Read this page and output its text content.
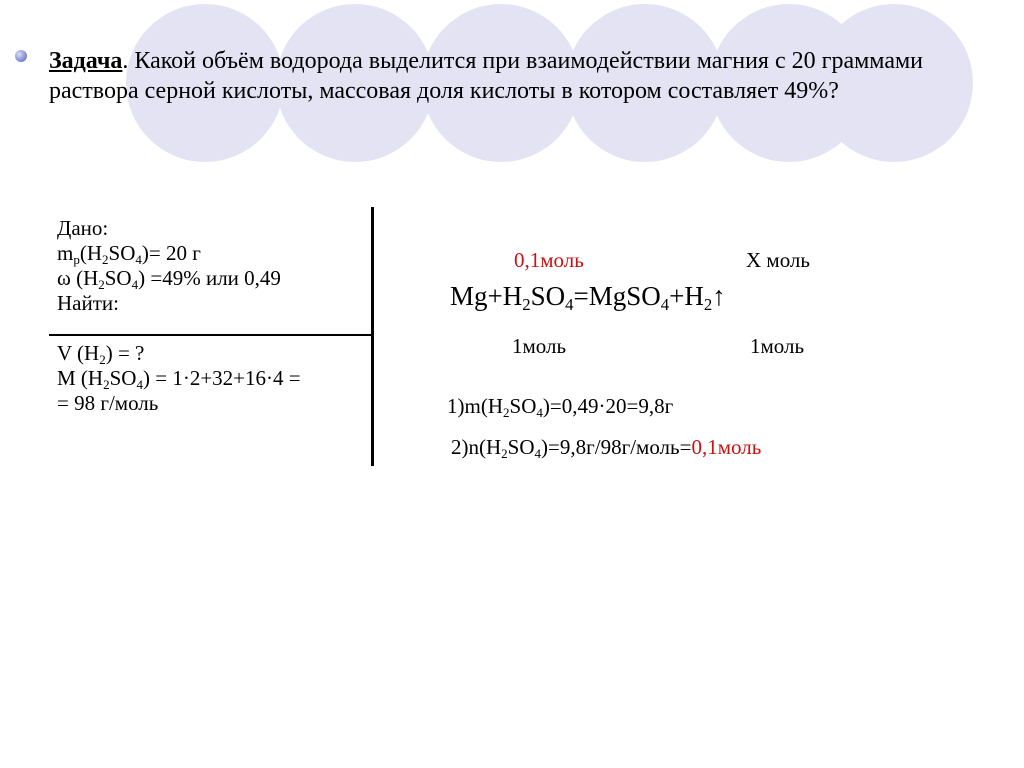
Задача. Какой объём водорода выделится при взаимодействии магния с 20 граммами раствора серной кислоты, массовая доля кислоты в котором составляет 49%?

Дано:
$m_р(H_2SO_4)= 20$ г
ω $(H_2SO_4) =49\%$ или 0,49
Найти:
V $(H_2)$ = ?
M $(H_2SO_4) = 1\cdot 2+32+16\cdot 4$ =
= 98 г/моль
0,1моль	X моль
$Mg+H_2SO_4=MgSO_4+H_2↑$
1моль	1моль
$1)m(H_2SO_4)=0,49\cdot 20=9,8г$
$2)n(H_2SO_4)=9,8г/98г/моль=0,1моль$
